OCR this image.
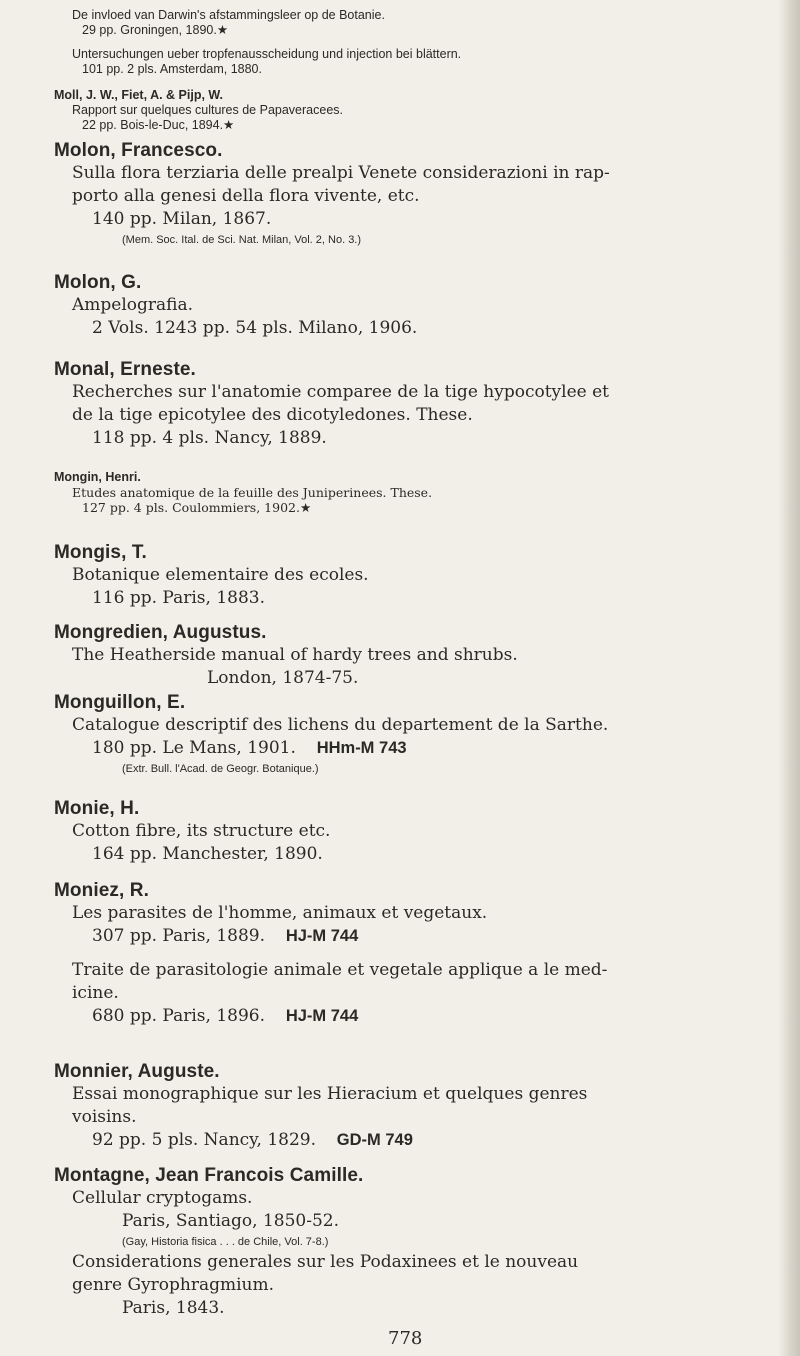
De invloed van Darwin's afstammingsleer op de Botanie.
29 pp. Groningen, 1890.★
Untersuchungen ueber tropfenausscheidung und injection bei blättern.
101 pp. 2 pls. Amsterdam, 1880.
Moll, J. W., Fiet, A. & Pijp, W.
Rapport sur quelques cultures de Papaveracees.
22 pp. Bois-le-Duc, 1894.★
Molon, Francesco.
Sulla flora terziaria delle prealpi Venete considerazioni in rap-
porto alla genesi della flora vivente, etc.
140 pp. Milan, 1867.
(Mem. Soc. Ital. de Sci. Nat. Milan, Vol. 2, No. 3.)
Molon, G.
Ampelografia.
2 Vols. 1243 pp. 54 pls. Milano, 1906.
Monal, Erneste.
Recherches sur l'anatomie comparee de la tige hypocotylee et
de la tige epicotylee des dicotyledones. These.
118 pp. 4 pls. Nancy, 1889.
Mongin, Henri.
Etudes anatomique de la feuille des Juniperinees. These.
127 pp. 4 pls. Coulommiers, 1902.★
Mongis, T.
Botanique elementaire des ecoles.
116 pp. Paris, 1883.
Mongredien, Augustus.
The Heatherside manual of hardy trees and shrubs.
London, 1874-75.
Monguillon, E.
Catalogue descriptif des lichens du departement de la Sarthe.
180 pp. Le Mans, 1901. HHm-M 743
(Extr. Bull. l'Acad. de Geogr. Botanique.)
Monie, H.
Cotton fibre, its structure etc.
164 pp. Manchester, 1890.
Moniez, R.
Les parasites de l'homme, animaux et vegetaux.
307 pp. Paris, 1889. HJ-M 744
Traite de parasitologie animale et vegetale applique a le med-
icine.
680 pp. Paris, 1896. HJ-M 744
Monnier, Auguste.
Essai monographique sur les Hieracium et quelques genres
voisins.
92 pp. 5 pls. Nancy, 1829. GD-M 749
Montagne, Jean Francois Camille.
Cellular cryptogams.
Paris, Santiago, 1850-52.
(Gay, Historia fisica . . . de Chile, Vol. 7-8.)
Considerations generales sur les Podaxinees et le nouveau
genre Gyrophragmium.
Paris, 1843.
778
